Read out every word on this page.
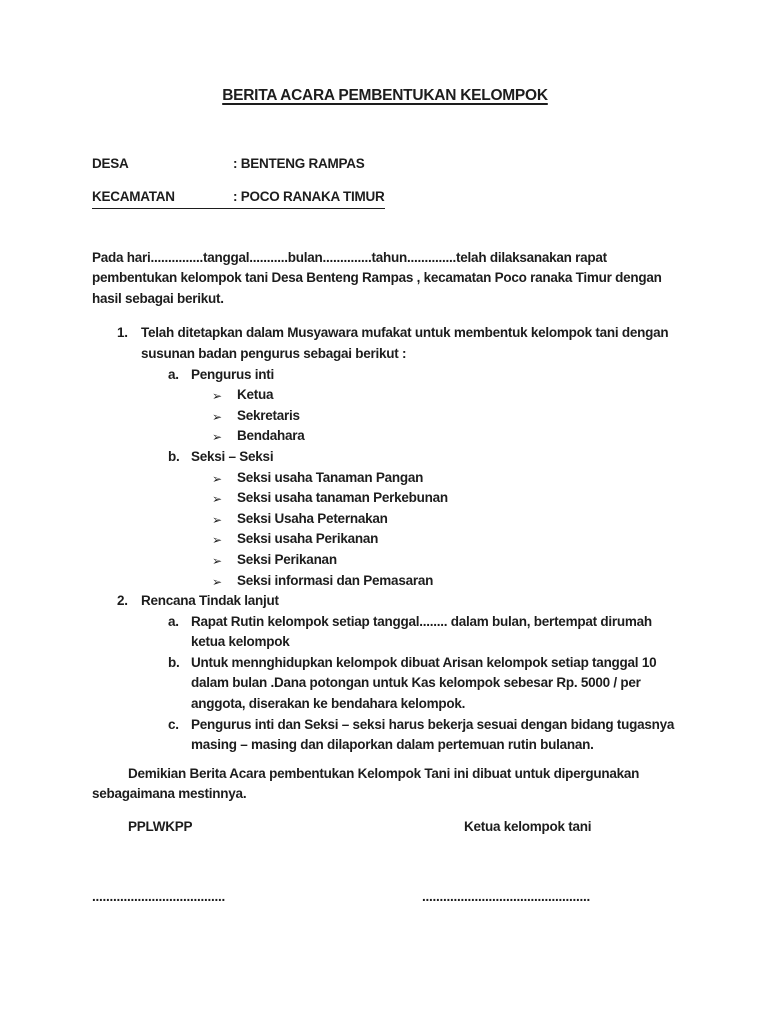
BERITA ACARA PEMBENTUKAN KELOMPOK
DESA	: BENTENG RAMPAS
KECAMATAN	: POCO RANAKA TIMUR
Pada hari...............tanggal...........bulan..............tahun..............telah dilaksanakan rapat pembentukan kelompok tani Desa Benteng Rampas , kecamatan Poco ranaka Timur dengan hasil sebagai berikut.
1. Telah ditetapkan dalam Musyawara mufakat untuk membentuk kelompok tani dengan susunan badan pengurus sebagai berikut :
a. Pengurus inti
➢ Ketua
➢ Sekretaris
➢ Bendahara
b. Seksi – Seksi
➢ Seksi usaha Tanaman Pangan
➢ Seksi usaha tanaman Perkebunan
➢ Seksi Usaha Peternakan
➢ Seksi usaha Perikanan
➢ Seksi Perikanan
➢ Seksi informasi dan Pemasaran
2. Rencana Tindak lanjut
a. Rapat Rutin kelompok setiap tanggal........ dalam bulan, bertempat dirumah ketua kelompok
b. Untuk mennghidupkan kelompok dibuat Arisan kelompok setiap tanggal 10 dalam bulan .Dana potongan untuk Kas kelompok sebesar Rp. 5000 / per anggota, diserakan ke bendahara kelompok.
c. Pengurus inti dan Seksi – seksi harus bekerja sesuai dengan bidang tugasnya masing – masing dan dilaporkan dalam pertemuan rutin bulanan.
Demikian Berita Acara pembentukan Kelompok Tani ini dibuat untuk dipergunakan sebagaimana mestinnya.
PPLWKPP	Ketua kelompok tani
......................................	................................................
